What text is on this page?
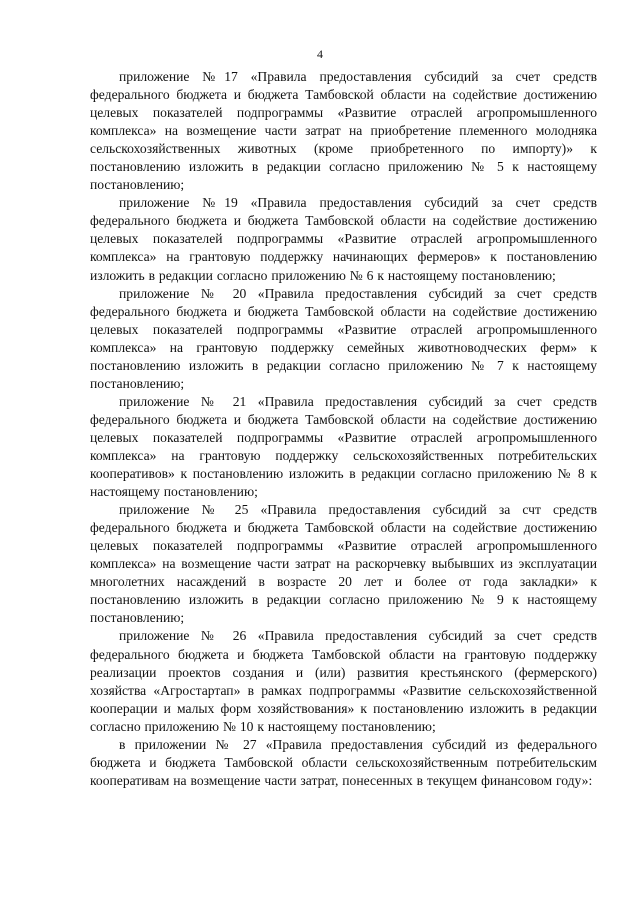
4

приложение №17 «Правила предоставления субсидий за счет средств федерального бюджета и бюджета Тамбовской области на содействие достижению целевых показателей подпрограммы «Развитие отраслей агропромышленного комплекса» на возмещение части затрат на приобретение племенного молодняка сельскохозяйственных животных (кроме приобретенного по импорту)» к постановлению изложить в редакции согласно приложению № 5 к настоящему постановлению;

приложение №19 «Правила предоставления субсидий за счет средств федерального бюджета и бюджета Тамбовской области на содействие достижению целевых показателей подпрограммы «Развитие отраслей агропромышленного комплекса» на грантовую поддержку начинающих фермеров» к постановлению изложить в редакции согласно приложению № 6 к настоящему постановлению;

приложение № 20 «Правила предоставления субсидий за счет средств федерального бюджета и бюджета Тамбовской области на содействие достижению целевых показателей подпрограммы «Развитие отраслей агропромышленного комплекса» на грантовую поддержку семейных животноводческих ферм» к постановлению изложить в редакции согласно приложению № 7 к настоящему постановлению;

приложение № 21 «Правила предоставления субсидий за счет средств федерального бюджета и бюджета Тамбовской области на содействие достижению целевых показателей подпрограммы «Развитие отраслей агропромышленного комплекса» на грантовую поддержку сельскохозяйственных потребительских кооперативов» к постановлению изложить в редакции согласно приложению № 8 к настоящему постановлению;

приложение № 25 «Правила предоставления субсидий за счт средств федерального бюджета и бюджета Тамбовской области на содействие достижению целевых показателей подпрограммы «Развитие отраслей агропромышленного комплекса» на возмещение части затрат на раскорчевку выбывших из эксплуатации многолетних насаждений в возрасте 20 лет и более от года закладки» к постановлению изложить в редакции согласно приложению № 9 к настоящему постановлению;

приложение № 26 «Правила предоставления субсидий за счет средств федерального бюджета и бюджета Тамбовской области на грантовую поддержку реализации проектов создания и (или) развития крестьянского (фермерского) хозяйства «Агростартап» в рамках подпрограммы «Развитие сельскохозяйственной кооперации и малых форм хозяйствования» к постановлению изложить в редакции согласно приложению № 10 к настоящему постановлению;

в приложении № 27 «Правила предоставления субсидий из федерального бюджета и бюджета Тамбовской области сельскохозяйственным потребительским кооперативам на возмещение части затрат, понесенных в текущем финансовом году»:
